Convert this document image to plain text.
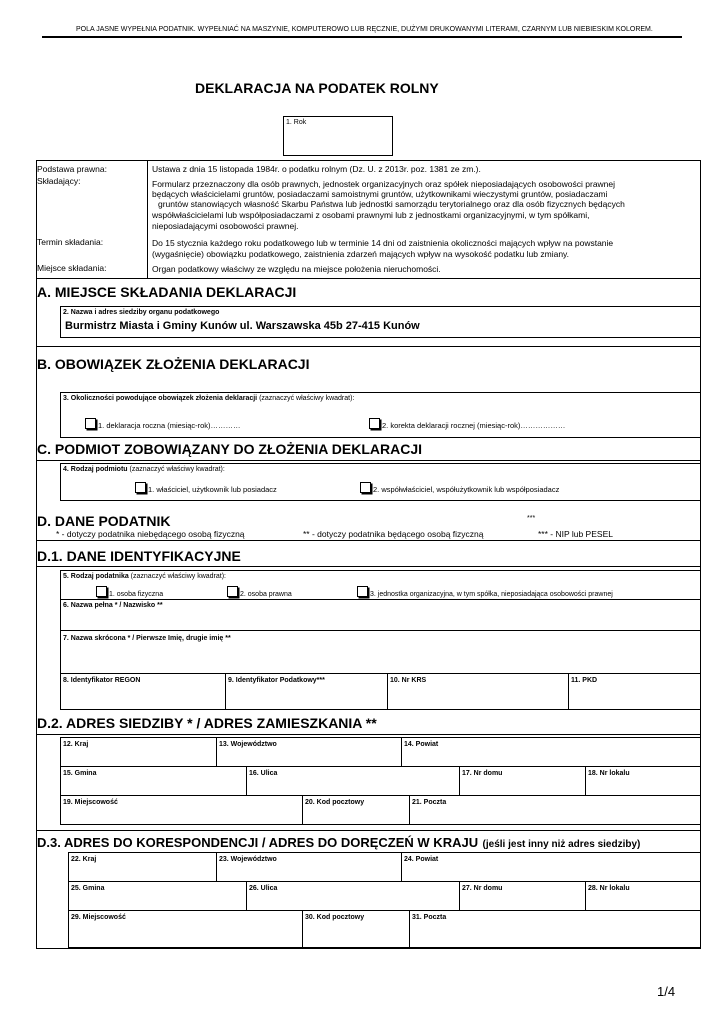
POLA JASNE WYPEŁNIA PODATNIK. WYPEŁNIAĆ NA MASZYNIE, KOMPUTEROWO LUB RĘCZNIE, DUŻYMI DRUKOWANYMI LITERAMI, CZARNYM LUB NIEBIESKIM KOLOREM.
DEKLARACJA NA PODATEK ROLNY
1. Rok
Podstawa prawna:	Ustawa z dnia 15 listopada 1984r. o podatku rolnym (Dz. U. z 2013r. poz. 1381 ze zm.).
Składający:	Formularz przeznaczony dla osób prawnych, jednostek organizacyjnych oraz spółek nieposiadających osobowości prawnej
będących właścicielami gruntów, posiadaczami samoistnymi gruntów, użytkownikami wieczystymi gruntów, posiadaczami
gruntów stanowiących własność Skarbu Państwa lub jednostki samorządu terytorialnego oraz dla osób fizycznych będących
współwłaścicielami lub współposiadaczami z osobami prawnymi lub z jednostkami organizacyjnymi, w tym spółkami,
nieposiadającymi osobowości prawnej.
Termin składania:	Do 15 stycznia każdego roku podatkowego lub w terminie 14 dni od zaistnienia okoliczności mających wpływ na powstanie
(wygaśnięcie) obowiązku podatkowego, zaistnienia zdarzeń mających wpływ na wysokość podatku lub zmiany.
Miejsce składania:	Organ podatkowy właściwy ze względu na miejsce położenia nieruchomości.
A. MIEJSCE SKŁADANIA DEKLARACJI
2. Nazwa i adres siedziby organu podatkowego
Burmistrz Miasta i Gminy Kunów ul. Warszawska 45b 27-415 Kunów
B. OBOWIĄZEK ZŁOŻENIA DEKLARACJI
3. Okoliczności powodujące obowiązek złożenia deklaracji (zaznaczyć właściwy kwadrat):
1. deklaracja roczna (miesiąc-rok)…………	2. korekta deklaracji rocznej (miesiąc-rok)………………
C. PODMIOT ZOBOWIĄZANY DO ZŁOŻENIA DEKLARACJI
4. Rodzaj podmiotu (zaznaczyć właściwy kwadrat):
1. właściciel, użytkownik lub posiadacz	2. współwłaściciel, współużytkownik lub współposiadacz
D. DANE PODATNIK	***
* - dotyczy podatnika niebędącego osobą fizyczną	** - dotyczy podatnika będącego osobą fizyczną	*** - NIP lub PESEL
D.1. DANE IDENTYFIKACYJNE
5. Rodzaj podatnika (zaznaczyć właściwy kwadrat):
1. osoba fizyczna	2. osoba prawna	3. jednostka organizacyjna, w tym spółka, nieposiadająca osobowości prawnej
6. Nazwa pełna * / Nazwisko **
7. Nazwa skrócona * / Pierwsze Imię, drugie imię **
8. Identyfikator REGON	9. Identyfikator Podatkowy***	10. Nr KRS	11. PKD
D.2. ADRES SIEDZIBY * / ADRES ZAMIESZKANIA **
12. Kraj	13. Województwo	14. Powiat
15. Gmina	16. Ulica	17. Nr domu	18. Nr lokalu
19. Miejscowość	20. Kod pocztowy	21. Poczta
D.3. ADRES DO KORESPONDENCJI / ADRES DO DORĘCZEŃ W KRAJU (jeśli jest inny niż adres siedziby)
22. Kraj	23. Województwo	24. Powiat
25. Gmina	26. Ulica	27. Nr domu	28. Nr lokalu
29. Miejscowość	30. Kod pocztowy	31. Poczta
1/4
